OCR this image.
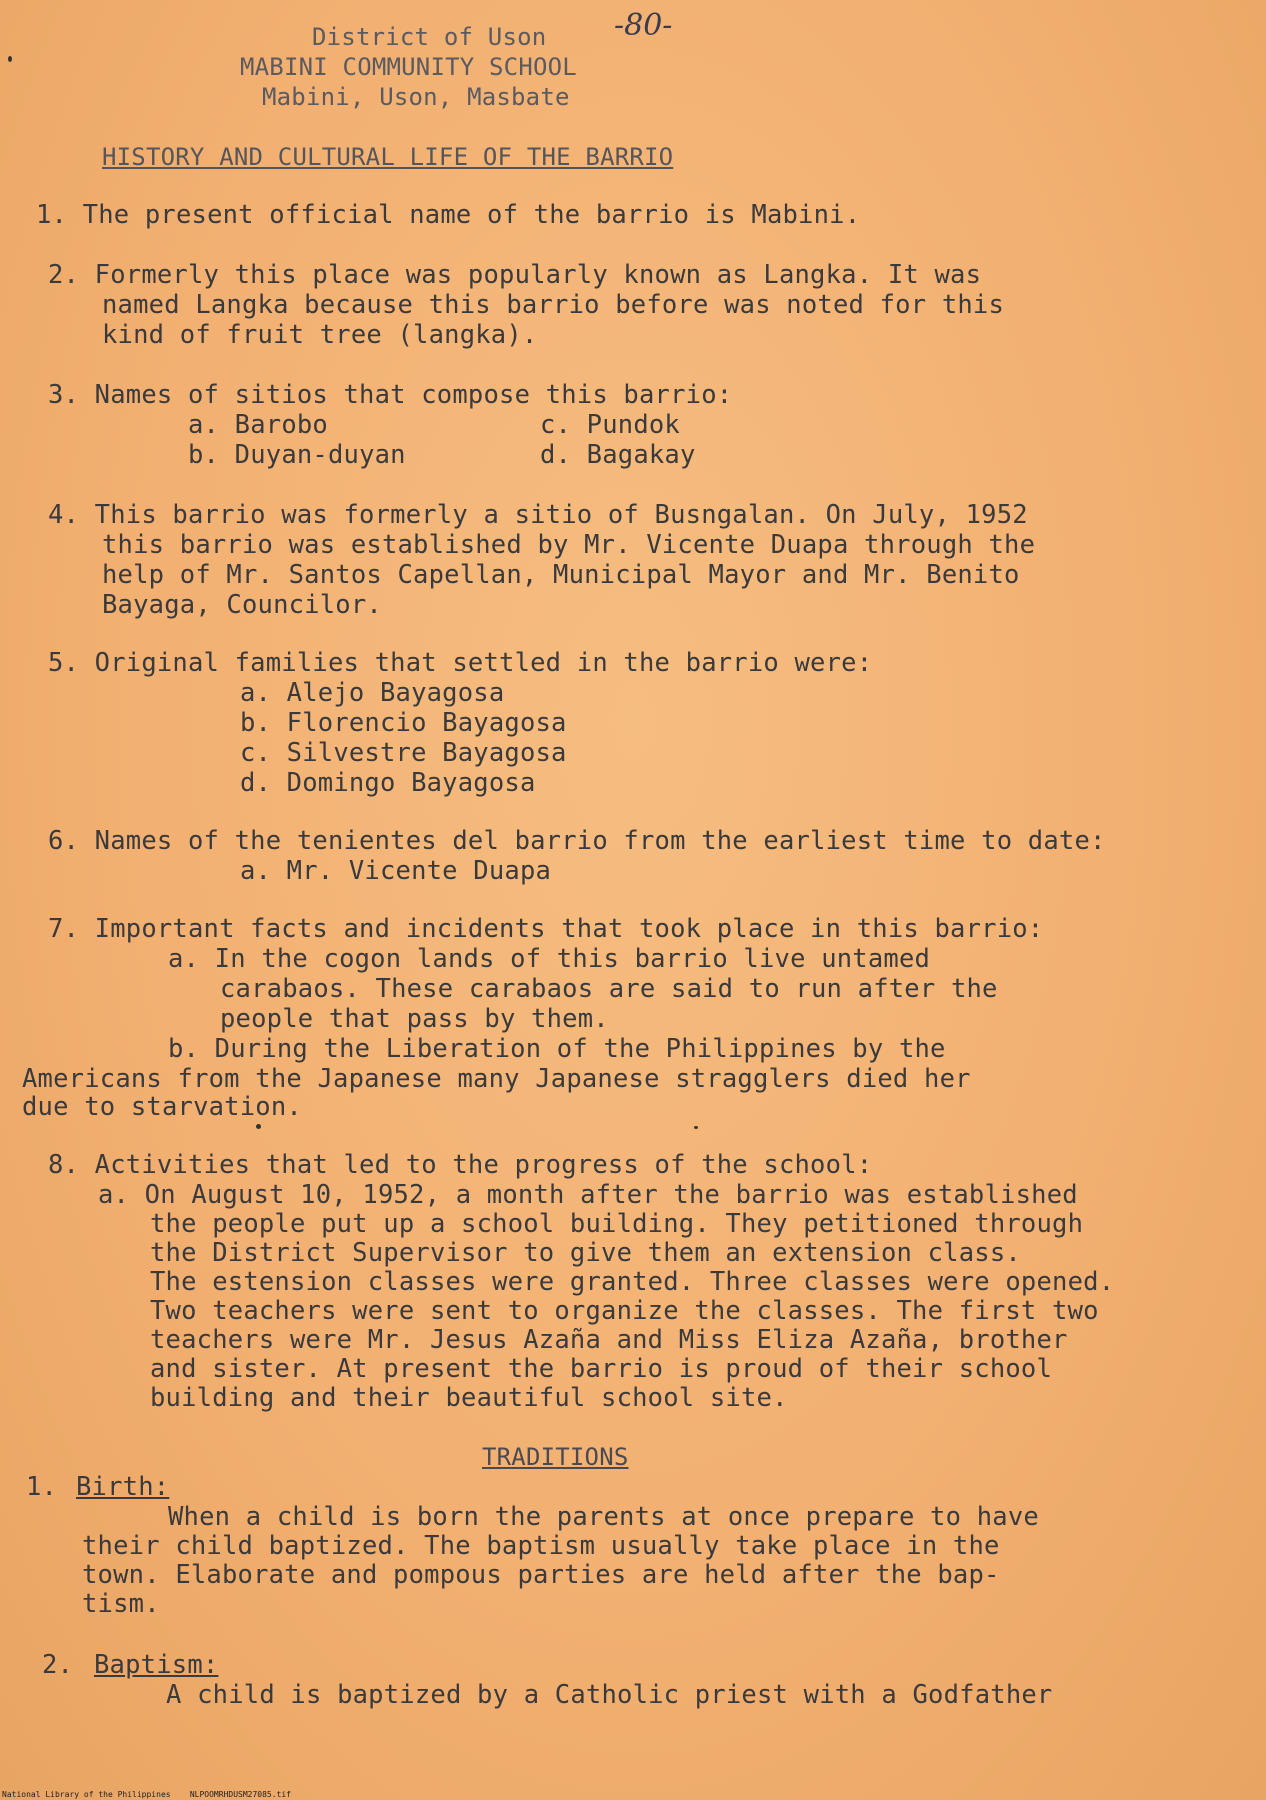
District of Uson -80-
MABINI COMMUNITY SCHOOL
Mabini, Uson, Masbate
HISTORY AND CULTURAL LIFE OF THE BARRIO
1. The present official name of the barrio is Mabini.
2. Formerly this place was popularly known as Langka. It was
named Langka because this barrio before was noted for this
kind of fruit tree (langka).
3. Names of sitios that compose this barrio:
a. Barobo	c. Pundok
b. Duyan-duyan	d. Bagakay
4. This barrio was formerly a sitio of Busngalan. On July, 1952
this barrio was established by Mr. Vicente Duapa through the
help of Mr. Santos Capellan, Municipal Mayor and Mr. Benito
Bayaga, Councilor.
5. Original families that settled in the barrio were:
a. Alejo Bayagosa
b. Florencio Bayagosa
c. Silvestre Bayagosa
d. Domingo Bayagosa
6. Names of the tenientes del barrio from the earliest time to date:
a. Mr. Vicente Duapa
7. Important facts and incidents that took place in this barrio:
a. In the cogon lands of this barrio live untamed
carabaos. These carabaos are said to run after the
people that pass by them.
b. During the Liberation of the Philippines by the
Americans from the Japanese many Japanese stragglers died her
due to starvation.
8. Activities that led to the progress of the school:
a. On August 10, 1952, a month after the barrio was established
the people put up a school building. They petitioned through
the District Supervisor to give them an extension class.
The estension classes were granted. Three classes were opened.
Two teachers were sent to organize the classes. The first two
teachers were Mr. Jesus Azaña and Miss Eliza Azaña, brother
and sister. At present the barrio is proud of their school
building and their beautiful school site.
TRADITIONS
1. Birth:
When a child is born the parents at once prepare to have
their child baptized. The baptism usually take place in the
town. Elaborate and pompous parties are held after the bap-
tism.
2. Baptism:
A child is baptized by a Catholic priest with a Godfather
National Library of the Philippines    NLPOOMRHDUSM27085.tif
